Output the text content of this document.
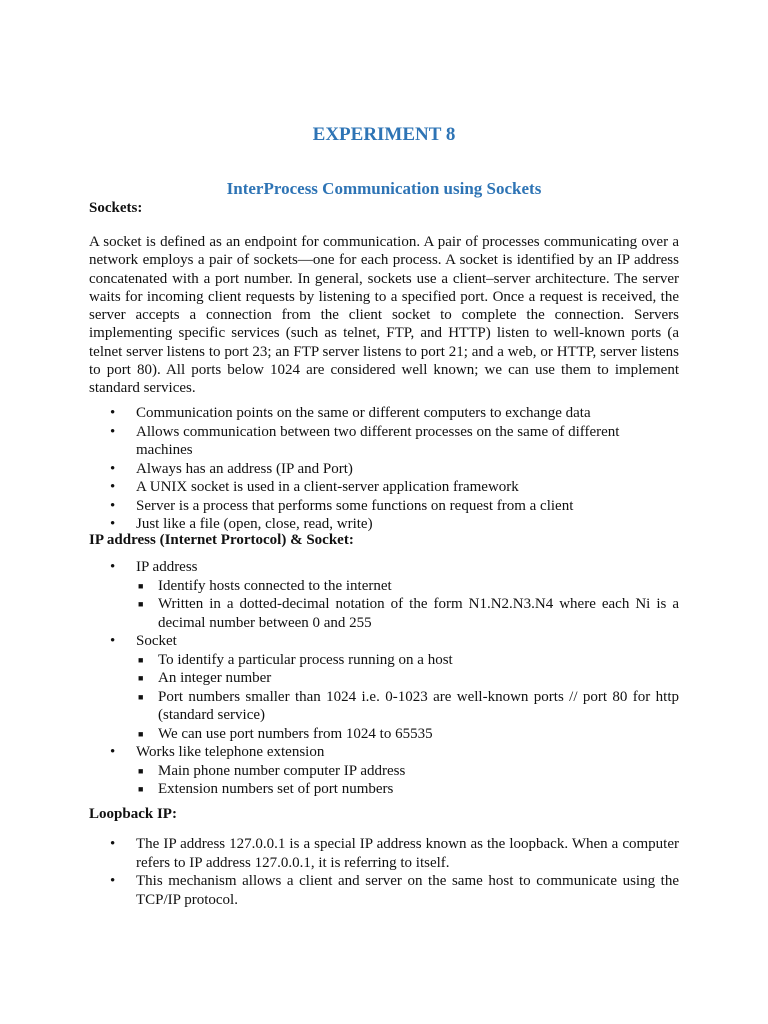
EXPERIMENT 8
InterProcess Communication using Sockets
Sockets:

A socket is defined as an endpoint for communication. A pair of processes communicating over a network employs a pair of sockets—one for each process. A socket is identified by an IP address concatenated with a port number. In general, sockets use a client–server architecture. The server waits for incoming client requests by listening to a specified port. Once a request is received, the server accepts a connection from the client socket to complete the connection. Servers implementing specific services (such as telnet, FTP, and HTTP) listen to well-known ports (a telnet server listens to port 23; an FTP server listens to port 21; and a web, or HTTP, server listens to port 80). All ports below 1024 are considered well known; we can use them to implement standard services.

• Communication points on the same or different computers to exchange data
• Allows communication between two different processes on the same of different machines
• Always has an address (IP and Port)
• A UNIX socket is used in a client-server application framework
• Server is a process that performs some functions on request from a client
• Just like a file (open, close, read, write)
IP address (Internet Prortocol) & Socket:
• IP address
■ Identify hosts connected to the internet
■ Written in a dotted-decimal notation of the form N1.N2.N3.N4 where each Ni is a decimal number between 0 and 255
• Socket
■ To identify a particular process running on a host
■ An integer number
■ Port numbers smaller than 1024 i.e. 0-1023 are well-known ports // port 80 for http (standard service)
■ We can use port numbers from 1024 to 65535
• Works like telephone extension
■ Main phone number computer IP address
■ Extension numbers set of port numbers
Loopback IP:
• The IP address 127.0.0.1 is a special IP address known as the loopback. When a computer refers to IP address 127.0.0.1, it is referring to itself.
• This mechanism allows a client and server on the same host to communicate using the TCP/IP protocol.
